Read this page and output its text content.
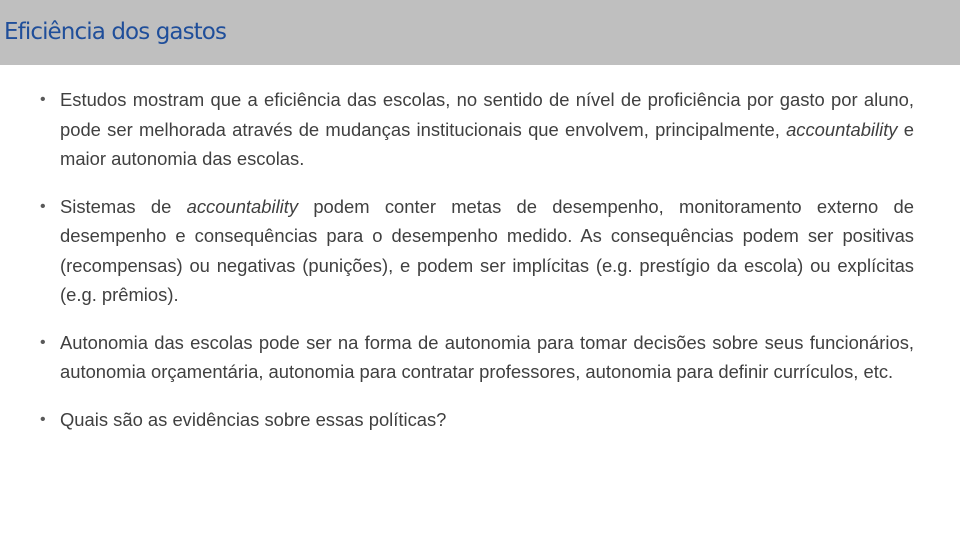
Eficiência dos gastos
• Estudos mostram que a eficiência das escolas, no sentido de nível de proficiência por gasto por aluno, pode ser melhorada através de mudanças institucionais que envolvem, principalmente, accountability e maior autonomia das escolas.
• Sistemas de accountability podem conter metas de desempenho, monitoramento externo de desempenho e consequências para o desempenho medido. As consequências podem ser positivas (recompensas) ou negativas (punições), e podem ser implícitas (e.g. prestígio da escola) ou explícitas (e.g. prêmios).
• Autonomia das escolas pode ser na forma de autonomia para tomar decisões sobre seus funcionários, autonomia orçamentária, autonomia para contratar professores, autonomia para definir currículos, etc.
• Quais são as evidências sobre essas políticas?
